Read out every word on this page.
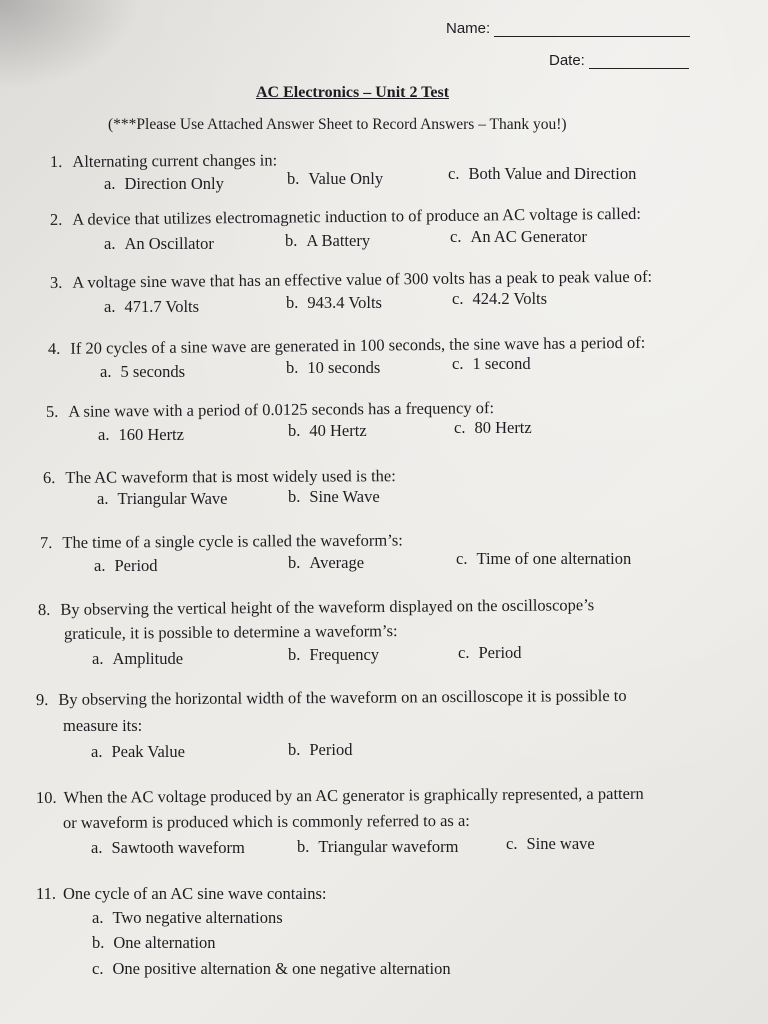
Name:
Date:
AC Electronics – Unit 2 Test
(***Please Use Attached Answer Sheet to Record Answers – Thank you!)
1. Alternating current changes in:
a. Direction Only	b. Value Only	c. Both Value and Direction
2. A device that utilizes electromagnetic induction to of produce an AC voltage is called:
a. An Oscillator	b. A Battery	c. An AC Generator
3. A voltage sine wave that has an effective value of 300 volts has a peak to peak value of:
a. 471.7 Volts	b. 943.4 Volts	c. 424.2 Volts
4. If 20 cycles of a sine wave are generated in 100 seconds, the sine wave has a period of:
a. 5 seconds	b. 10 seconds	c. 1 second
5. A sine wave with a period of 0.0125 seconds has a frequency of:
a. 160 Hertz	b. 40 Hertz	c. 80 Hertz
6. The AC waveform that is most widely used is the:
a. Triangular Wave	b. Sine Wave
7. The time of a single cycle is called the waveform’s:
a. Period	b. Average	c. Time of one alternation
8. By observing the vertical height of the waveform displayed on the oscilloscope’s
graticule, it is possible to determine a waveform’s:
a. Amplitude	b. Frequency	c. Period
9. By observing the horizontal width of the waveform on an oscilloscope it is possible to
measure its:
a. Peak Value	b. Period
10. When the AC voltage produced by an AC generator is graphically represented, a pattern
or waveform is produced which is commonly referred to as a:
a. Sawtooth waveform	b. Triangular waveform	c. Sine wave
11. One cycle of an AC sine wave contains:
a. Two negative alternations
b. One alternation
c. One positive alternation & one negative alternation
